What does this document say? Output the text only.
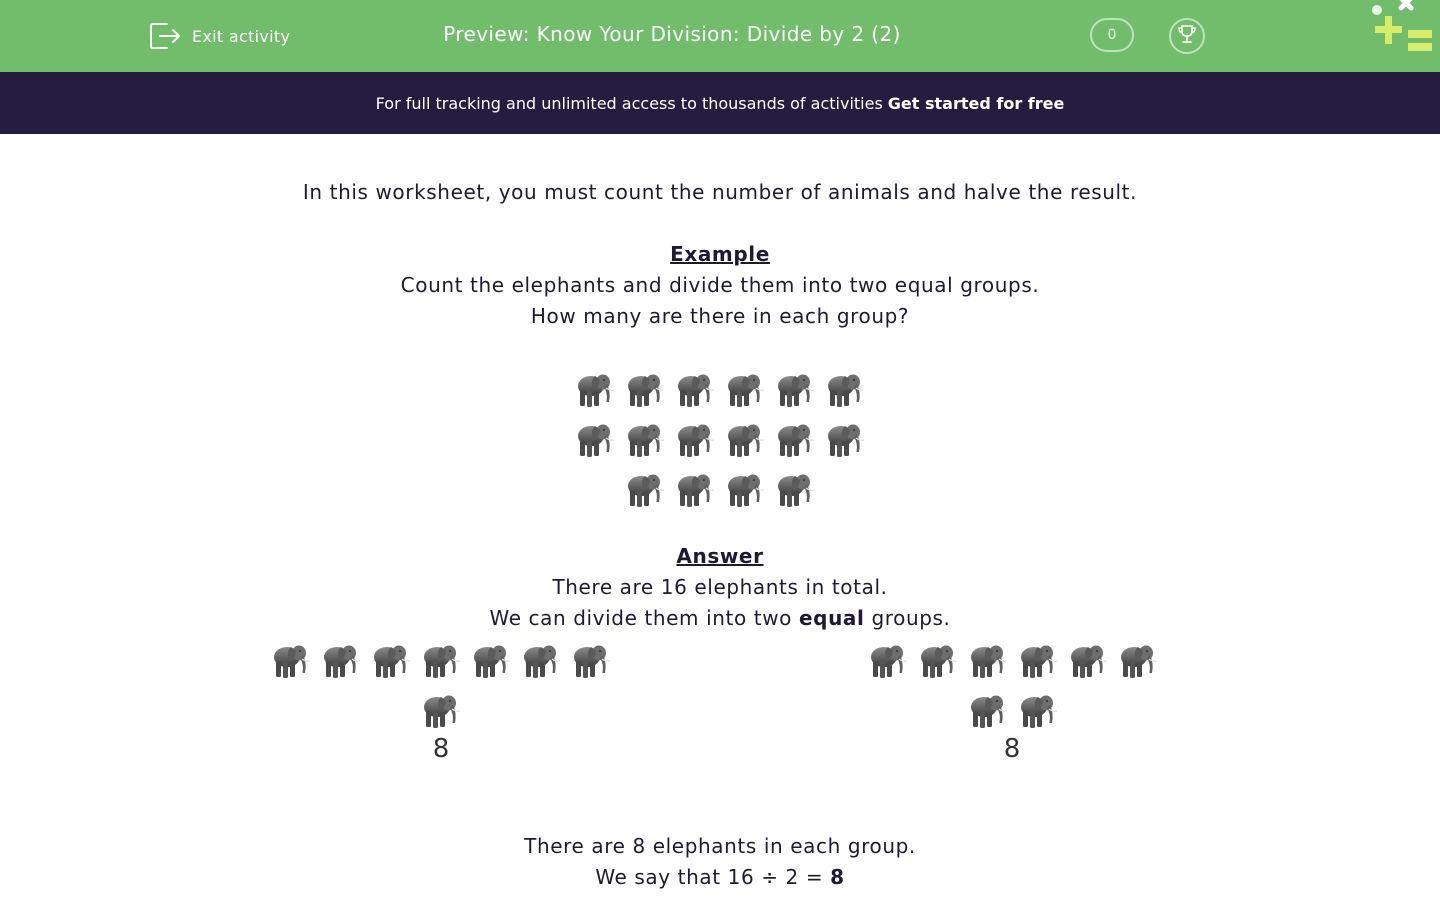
Exit activity	Preview: Know Your Division: Divide by 2 (2)	0
For full tracking and unlimited access to thousands of activities Get started for free
In this worksheet, you must count the number of animals and halve the result.
Example
Count the elephants and divide them into two equal groups.
How many are there in each group?
Answer
There are 16 elephants in total.
We can divide them into two equal groups.
8	8
There are 8 elephants in each group.
We say that 16 ÷ 2 = 8
